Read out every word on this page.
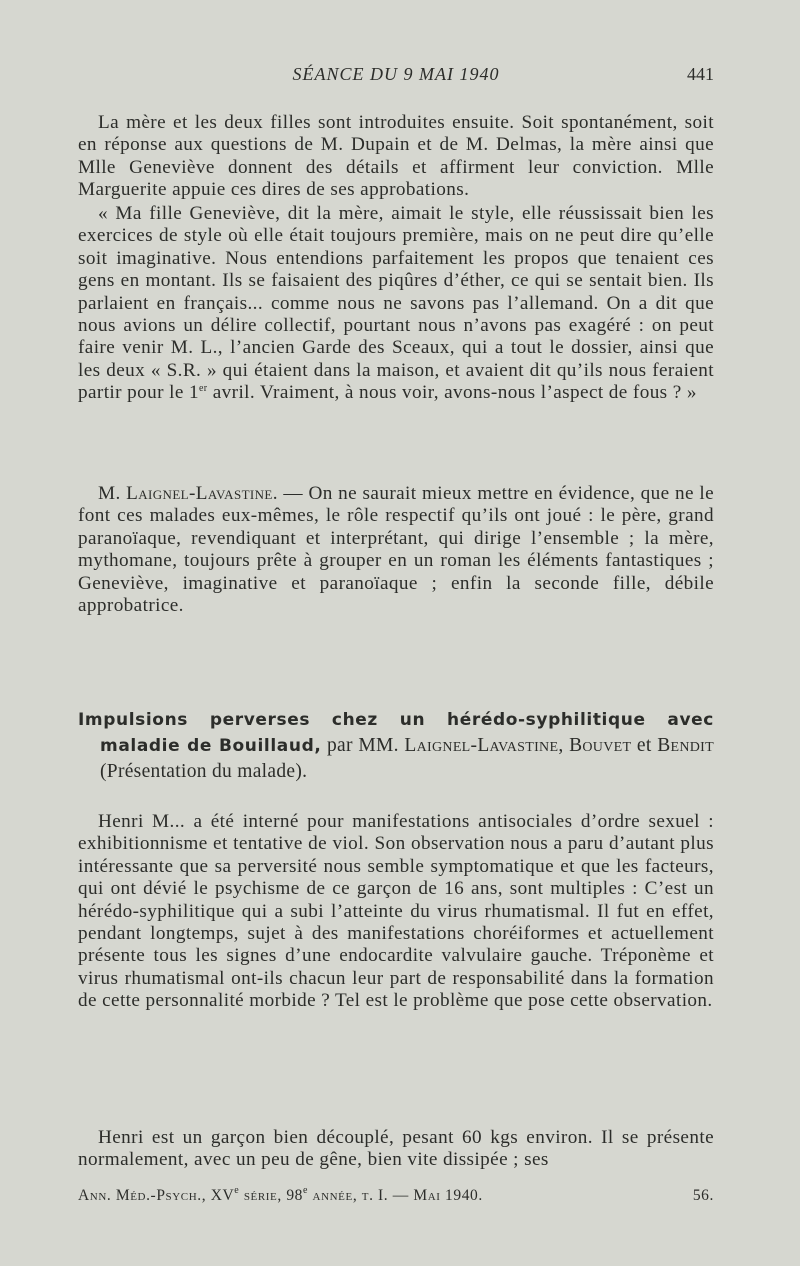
SÉANCE DU 9 MAI 1940	441

La mère et les deux filles sont introduites ensuite. Soit spontanément, soit en réponse aux questions de M. Dupain et de M. Delmas, la mère ainsi que Mlle Geneviève donnent des détails et affirment leur conviction. Mlle Marguerite appuie ces dires de ses approbations.

« Ma fille Geneviève, dit la mère, aimait le style, elle réussissait bien les exercices de style où elle était toujours première, mais on ne peut dire qu’elle soit imaginative. Nous entendions parfaitement les propos que tenaient ces gens en montant. Ils se faisaient des piqûres d’éther, ce qui se sentait bien. Ils parlaient en français... comme nous ne savons pas l’allemand. On a dit que nous avions un délire collectif, pourtant nous n’avons pas exagéré : on peut faire venir M. L., l’ancien Garde des Sceaux, qui a tout le dossier, ainsi que les deux « S.R. » qui étaient dans la maison, et avaient dit qu’ils nous feraient partir pour le 1er avril. Vraiment, à nous voir, avons-nous l’aspect de fous ? »

M. Laignel-Lavastine. — On ne saurait mieux mettre en évidence, que ne le font ces malades eux-mêmes, le rôle respectif qu’ils ont joué : le père, grand paranoïaque, revendiquant et interprétant, qui dirige l’ensemble ; la mère, mythomane, toujours prête à grouper en un roman les éléments fantastiques ; Geneviève, imaginative et paranoïaque ; enfin la seconde fille, débile approbatrice.

Impulsions perverses chez un hérédo-syphilitique avec maladie de Bouillaud, par MM. Laignel-Lavastine, Bouvet et Bendit (Présentation du malade).

Henri M... a été interné pour manifestations antisociales d’ordre sexuel : exhibitionnisme et tentative de viol. Son observation nous a paru d’autant plus intéressante que sa perversité nous semble symptomatique et que les facteurs, qui ont dévié le psychisme de ce garçon de 16 ans, sont multiples : C’est un hérédo-syphilitique qui a subi l’atteinte du virus rhumatismal. Il fut en effet, pendant longtemps, sujet à des manifestations choréiformes et actuellement présente tous les signes d’une endocardite valvulaire gauche. Tréponème et virus rhumatismal ont-ils chacun leur part de responsabilité dans la formation de cette personnalité morbide ? Tel est le problème que pose cette observation.

Henri est un garçon bien découplé, pesant 60 kgs environ. Il se présente normalement, avec un peu de gêne, bien vite dissipée ; ses

Ann. Méd.-Psych., XVe série, 98e année, t. I. — Mai 1940.	56.
